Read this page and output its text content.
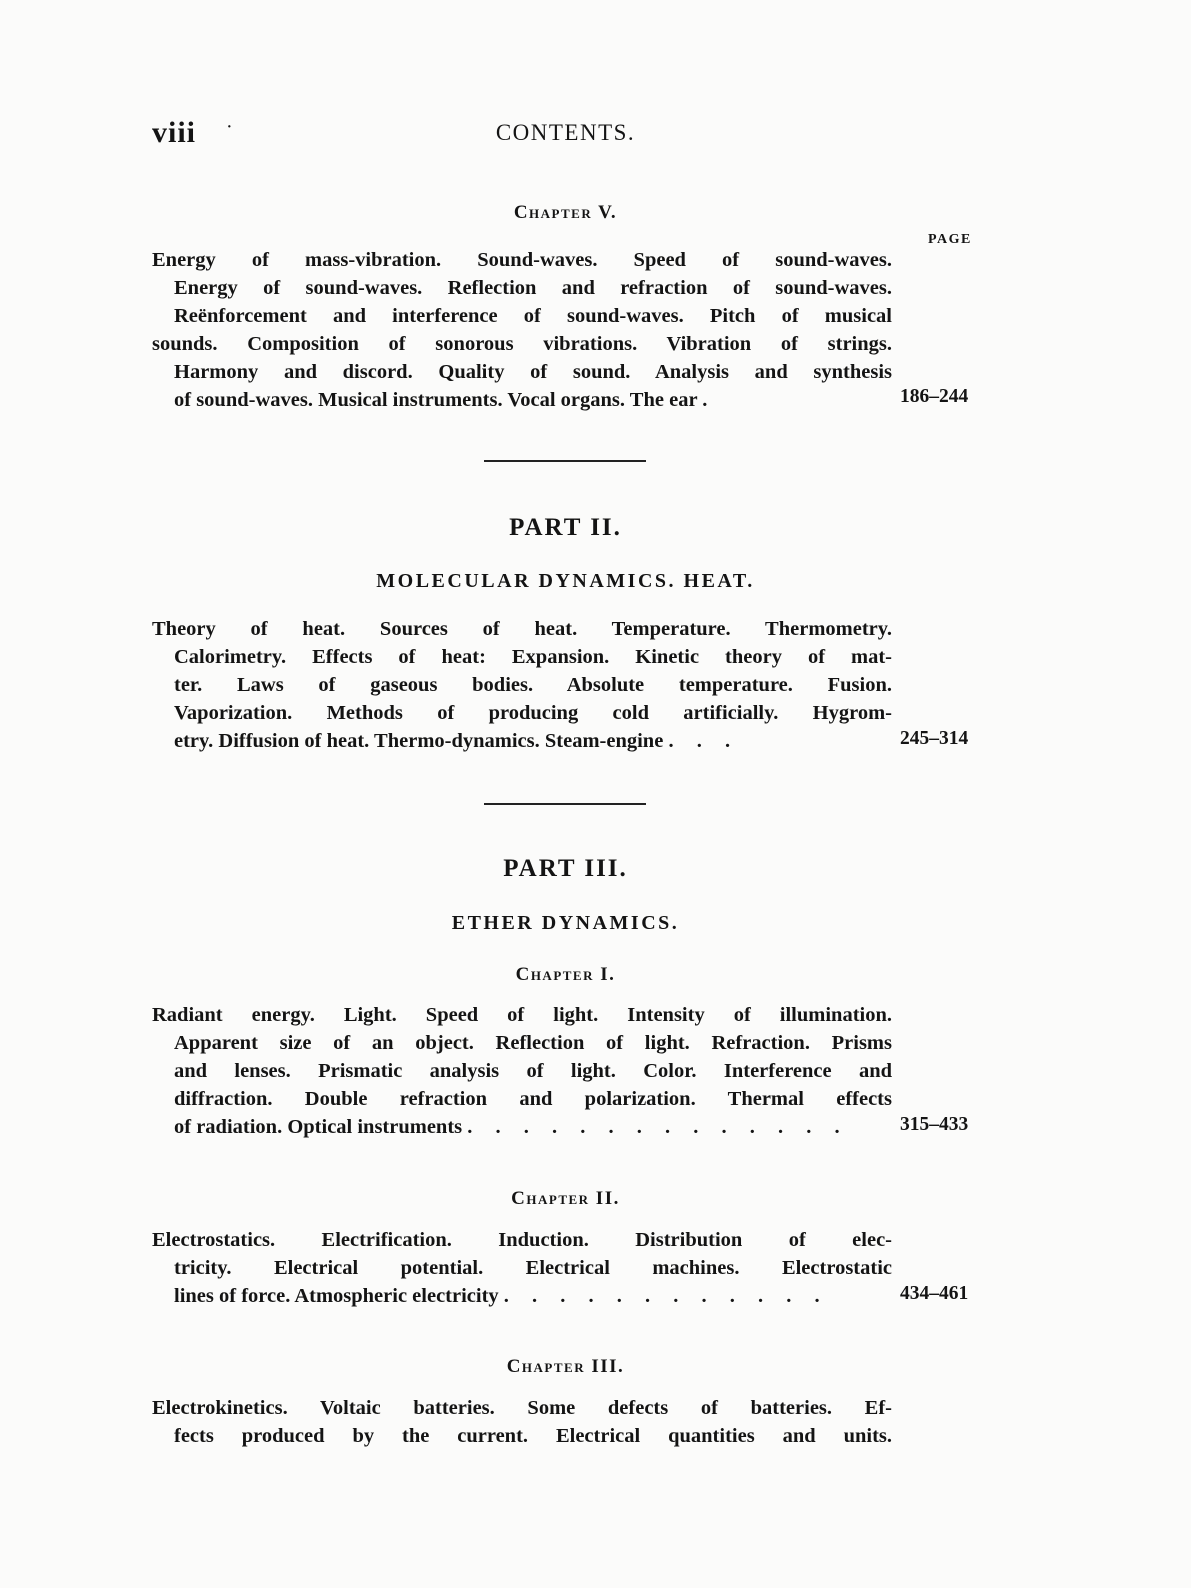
viii ·	CONTENTS.
Chapter V.
PAGE
Energy of mass-vibration. Sound-waves. Speed of sound-waves.
Energy of sound-waves. Reflection and refraction of sound-waves.
Reënforcement and interference of sound-waves. Pitch of musical
sounds. Composition of sonorous vibrations. Vibration of strings.
Harmony and discord. Quality of sound. Analysis and synthesis
of sound-waves. Musical instruments. Vocal organs. The ear .	186–244
PART II.
MOLECULAR DYNAMICS. HEAT.
Theory of heat. Sources of heat. Temperature. Thermometry.
Calorimetry. Effects of heat: Expansion. Kinetic theory of mat-
ter. Laws of gaseous bodies. Absolute temperature. Fusion.
Vaporization. Methods of producing cold artificially. Hygrom-
etry. Diffusion of heat. Thermo-dynamics. Steam-engine . . .	245–314
PART III.
ETHER DYNAMICS.
Chapter I.
Radiant energy. Light. Speed of light. Intensity of illumination.
Apparent size of an object. Reflection of light. Refraction. Prisms
and lenses. Prismatic analysis of light. Color. Interference and
diffraction. Double refraction and polarization. Thermal effects
of radiation. Optical instruments . . . . . . . . . . . . . .	315–433
Chapter II.
Electrostatics. Electrification. Induction. Distribution of elec-
tricity. Electrical potential. Electrical machines. Electrostatic
lines of force. Atmospheric electricity . . . . . . . . . . . .	434–461
Chapter III.
Electrokinetics. Voltaic batteries. Some defects of batteries. Ef-
fects produced by the current. Electrical quantities and units.
